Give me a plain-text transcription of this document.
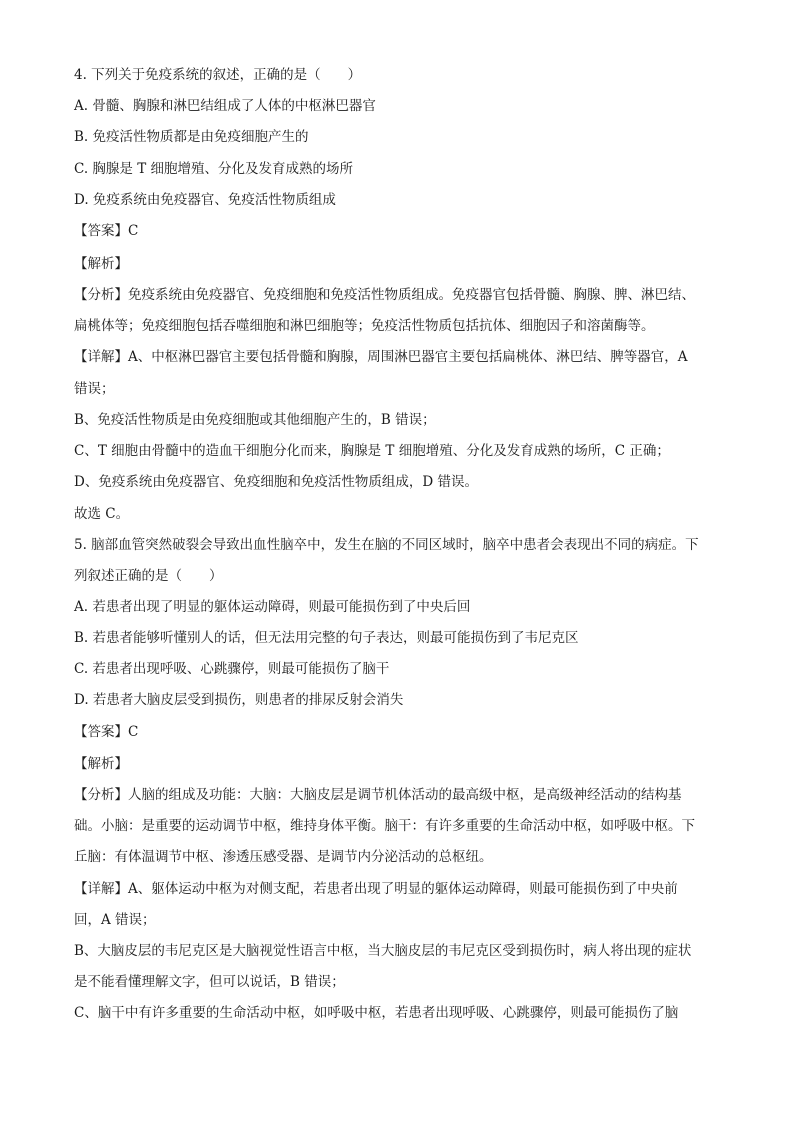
4. 下列关于免疫系统的叙述，正确的是（　　）
A. 骨髓、胸腺和淋巴结组成了人体的中枢淋巴器官
B. 免疫活性物质都是由免疫细胞产生的
C. 胸腺是 T 细胞增殖、分化及发育成熟的场所
D. 免疫系统由免疫器官、免疫活性物质组成
【答案】C
【解析】
【分析】免疫系统由免疫器官、免疫细胞和免疫活性物质组成。免疫器官包括骨髓、胸腺、脾、淋巴结、
扁桃体等；免疫细胞包括吞噬细胞和淋巴细胞等；免疫活性物质包括抗体、细胞因子和溶菌酶等。
【详解】A、中枢淋巴器官主要包括骨髓和胸腺，周围淋巴器官主要包括扁桃体、淋巴结、脾等器官，A
错误；
B、免疫活性物质是由免疫细胞或其他细胞产生的，B 错误；
C、T 细胞由骨髓中的造血干细胞分化而来，胸腺是 T 细胞增殖、分化及发育成熟的场所，C 正确；
D、免疫系统由免疫器官、免疫细胞和免疫活性物质组成，D 错误。
故选 C。
5. 脑部血管突然破裂会导致出血性脑卒中，发生在脑的不同区域时，脑卒中患者会表现出不同的病症。下
列叙述正确的是（　　）
A. 若患者出现了明显的躯体运动障碍，则最可能损伤到了中央后回
B. 若患者能够听懂别人的话，但无法用完整的句子表达，则最可能损伤到了韦尼克区
C. 若患者出现呼吸、心跳骤停，则最可能损伤了脑干
D. 若患者大脑皮层受到损伤，则患者的排尿反射会消失
【答案】C
【解析】
【分析】人脑的组成及功能：大脑：大脑皮层是调节机体活动的最高级中枢，是高级神经活动的结构基
础。小脑：是重要的运动调节中枢，维持身体平衡。脑干：有许多重要的生命活动中枢，如呼吸中枢。下
丘脑：有体温调节中枢、渗透压感受器、是调节内分泌活动的总枢纽。
【详解】A、躯体运动中枢为对侧支配，若患者出现了明显的躯体运动障碍，则最可能损伤到了中央前
回，A 错误；
B、大脑皮层的韦尼克区是大脑视觉性语言中枢，当大脑皮层的韦尼克区受到损伤时，病人将出现的症状
是不能看懂理解文字，但可以说话，B 错误；
C、脑干中有许多重要的生命活动中枢，如呼吸中枢，若患者出现呼吸、心跳骤停，则最可能损伤了脑
